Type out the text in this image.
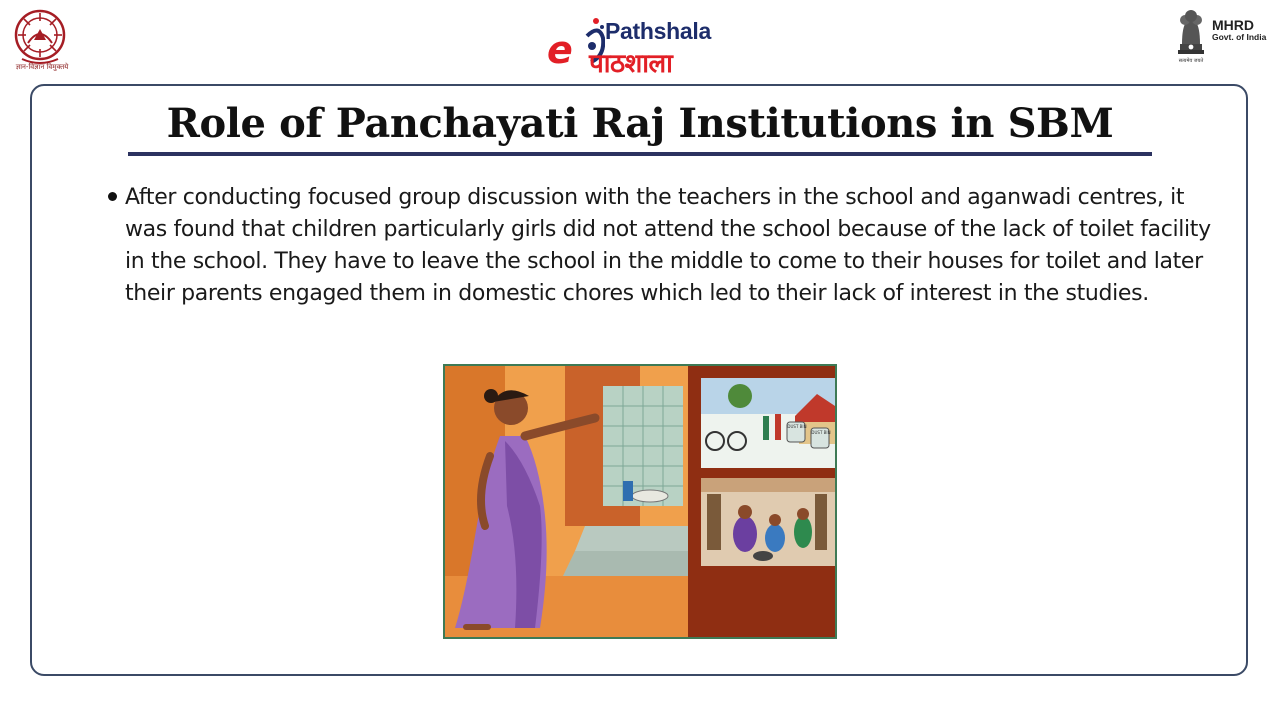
ज्ञान-विज्ञान विमुक्तये	e Pathshala
पाठशाला
MHRD
Govt. of India
सत्यमेव जयते
Role of Panchayati Raj Institutions in SBM
After conducting focused group discussion with the teachers in the school and aganwadi centres, it was found that children particularly girls did not attend the school because of the lack of toilet facility in the school. They have to leave the school in the middle to come to their houses for toilet and later their parents engaged them in domestic chores which led to their lack of interest in the studies.
DUST BIN
DUST BIN
